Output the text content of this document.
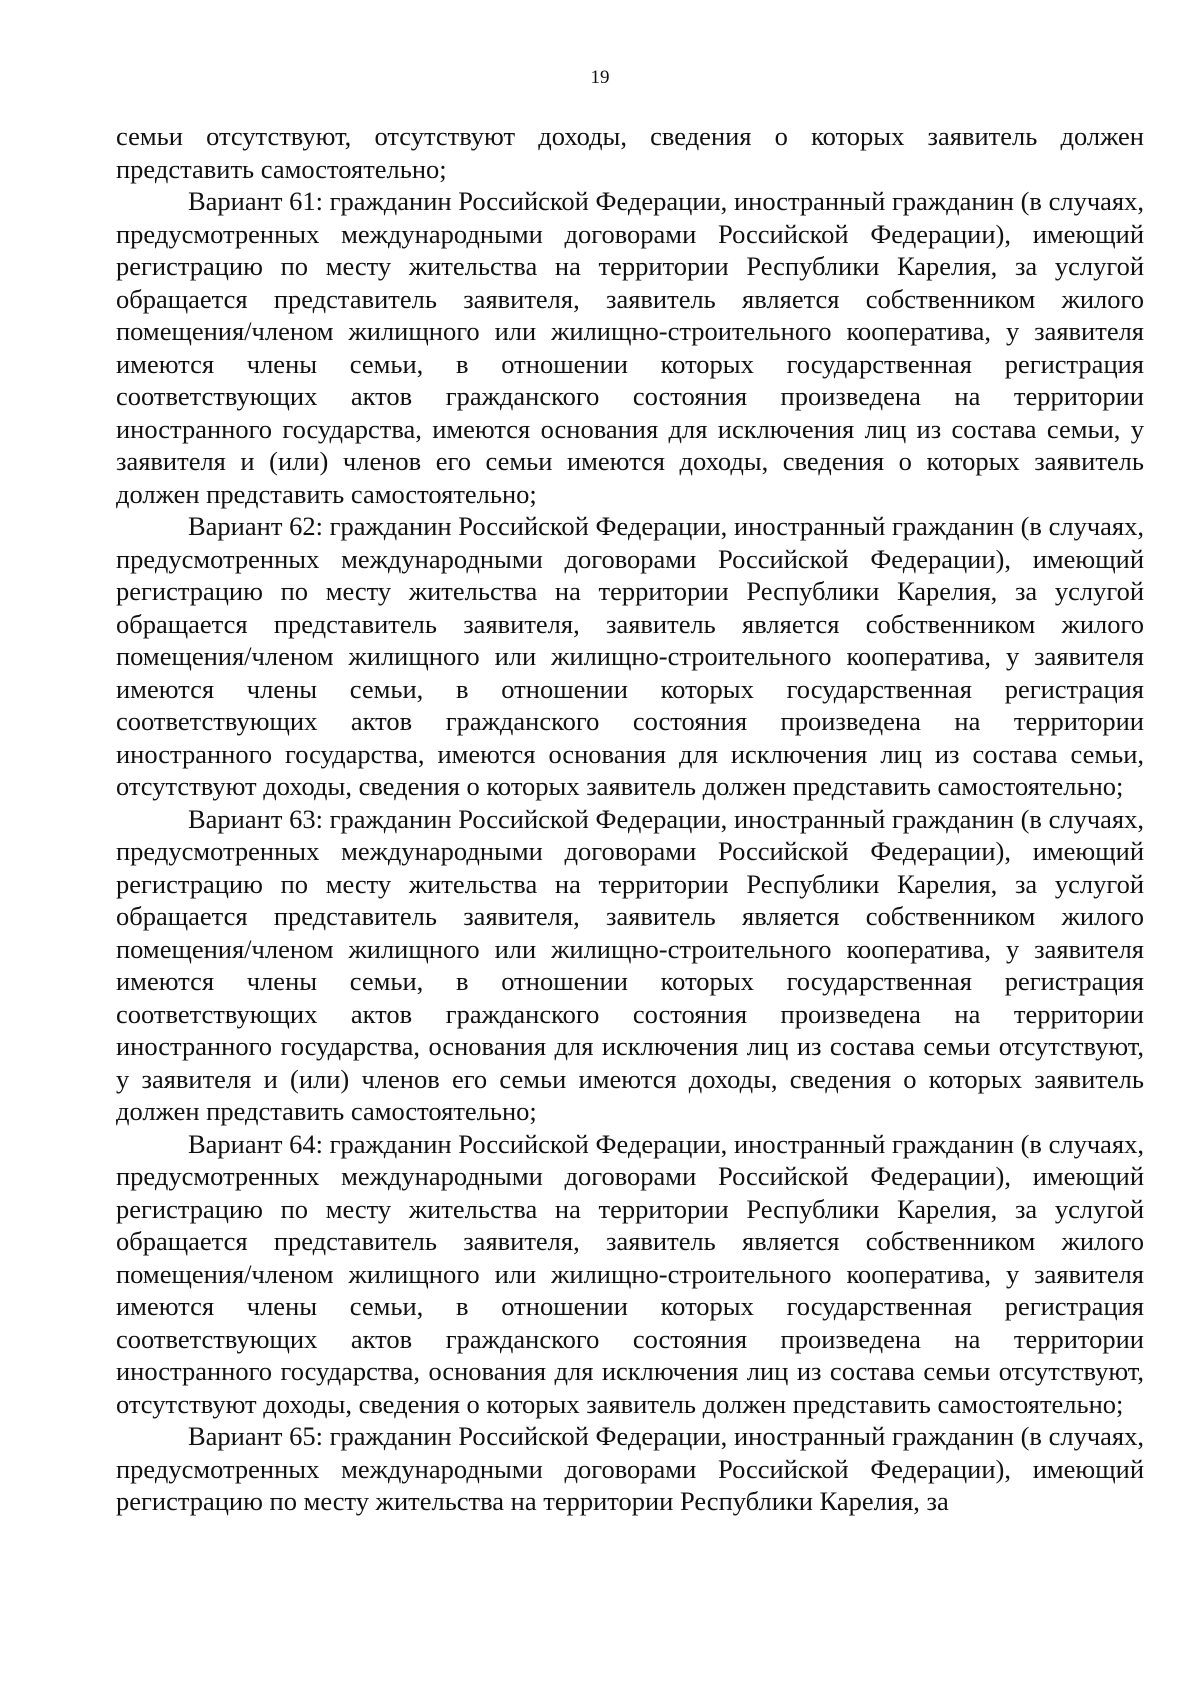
19

семьи отсутствуют, отсутствуют доходы, сведения о которых заявитель должен представить самостоятельно;

Вариант 61: гражданин Российской Федерации, иностранный гражданин (в случаях, предусмотренных международными договорами Российской Федерации), имеющий регистрацию по месту жительства на территории Республики Карелия, за услугой обращается представитель заявителя, заявитель является собственником жилого помещения/членом жилищного или жилищно-строительного кооператива, у заявителя имеются члены семьи, в отношении которых государственная регистрация соответствующих актов гражданского состояния произведена на территории иностранного государства, имеются основания для исключения лиц из состава семьи, у заявителя и (или) членов его семьи имеются доходы, сведения о которых заявитель должен представить самостоятельно;

Вариант 62: гражданин Российской Федерации, иностранный гражданин (в случаях, предусмотренных международными договорами Российской Федерации), имеющий регистрацию по месту жительства на территории Республики Карелия, за услугой обращается представитель заявителя, заявитель является собственником жилого помещения/членом жилищного или жилищно-строительного кооператива, у заявителя имеются члены семьи, в отношении которых государственная регистрация соответствующих актов гражданского состояния произведена на территории иностранного государства, имеются основания для исключения лиц из состава семьи, отсутствуют доходы, сведения о которых заявитель должен представить самостоятельно;

Вариант 63: гражданин Российской Федерации, иностранный гражданин (в случаях, предусмотренных международными договорами Российской Федерации), имеющий регистрацию по месту жительства на территории Республики Карелия, за услугой обращается представитель заявителя, заявитель является собственником жилого помещения/членом жилищного или жилищно-строительного кооператива, у заявителя имеются члены семьи, в отношении которых государственная регистрация соответствующих актов гражданского состояния произведена на территории иностранного государства, основания для исключения лиц из состава семьи отсутствуют, у заявителя и (или) членов его семьи имеются доходы, сведения о которых заявитель должен представить самостоятельно;

Вариант 64: гражданин Российской Федерации, иностранный гражданин (в случаях, предусмотренных международными договорами Российской Федерации), имеющий регистрацию по месту жительства на территории Республики Карелия, за услугой обращается представитель заявителя, заявитель является собственником жилого помещения/членом жилищного или жилищно-строительного кооператива, у заявителя имеются члены семьи, в отношении которых государственная регистрация соответствующих актов гражданского состояния произведена на территории иностранного государства, основания для исключения лиц из состава семьи отсутствуют, отсутствуют доходы, сведения о которых заявитель должен представить самостоятельно;

Вариант 65: гражданин Российской Федерации, иностранный гражданин (в случаях, предусмотренных международными договорами Российской Федерации), имеющий регистрацию по месту жительства на территории Республики Карелия, за
